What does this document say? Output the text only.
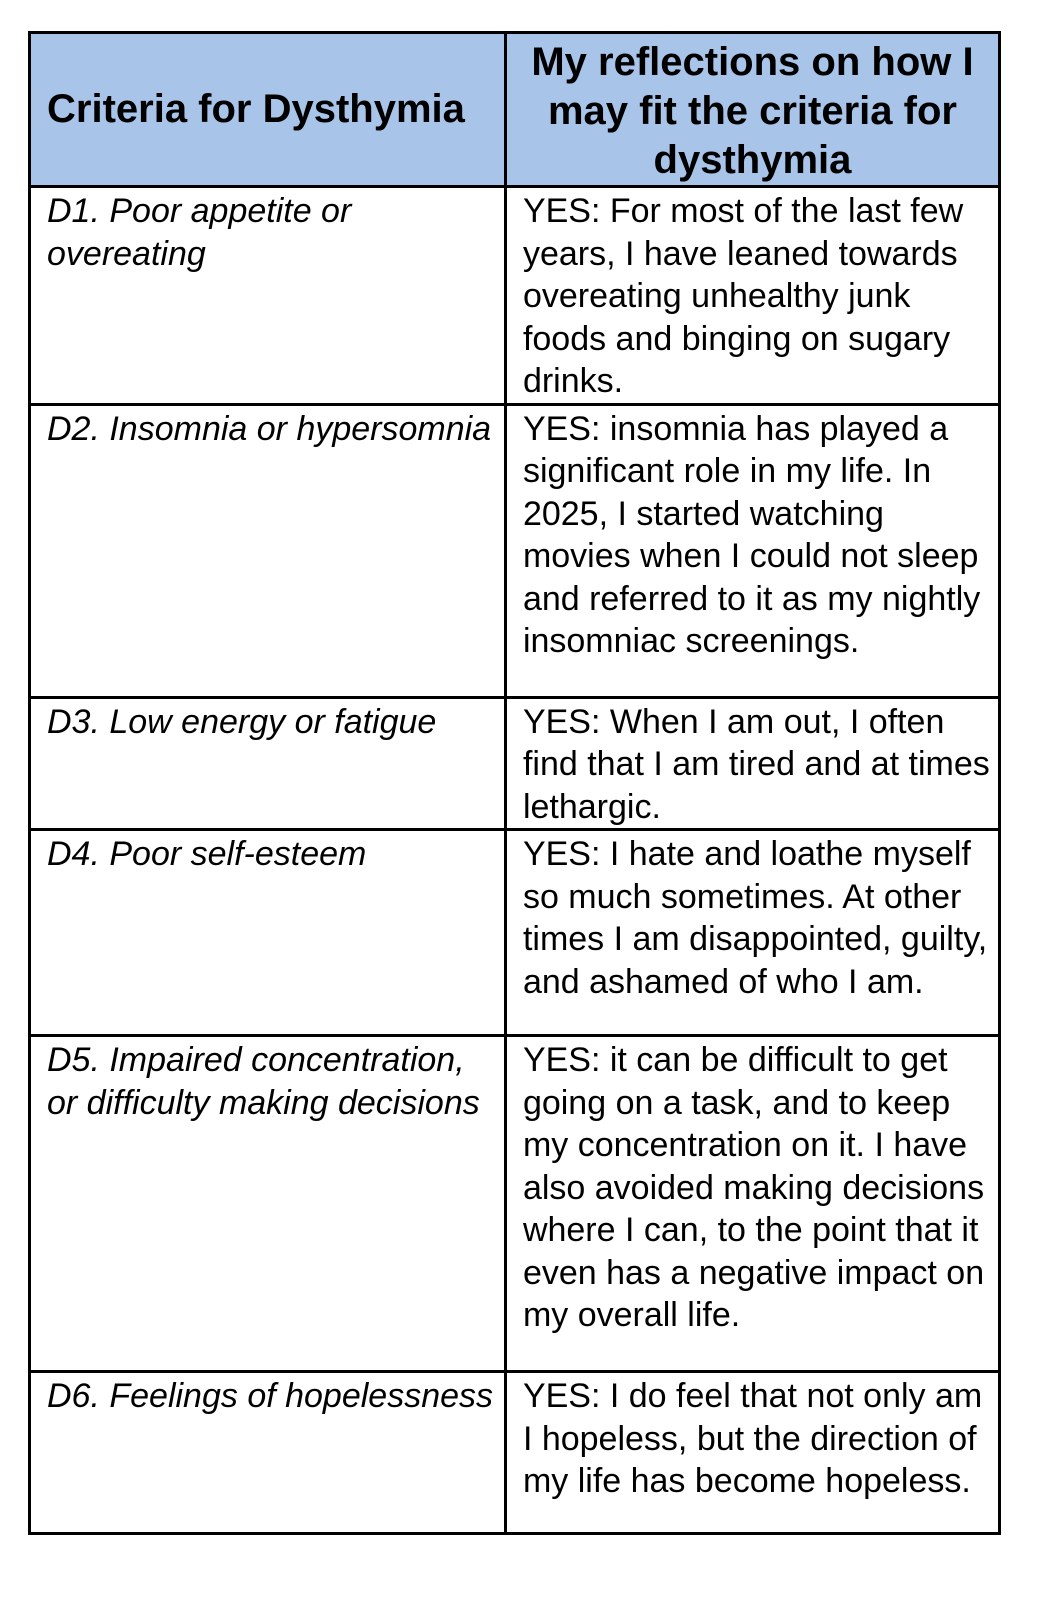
Criteria for Dysthymia	My reflections on how I may fit the criteria for dysthymia
D1. Poor appetite or overeating	YES: For most of the last few years, I have leaned towards overeating unhealthy junk foods and binging on sugary drinks.
D2. Insomnia or hypersomnia	YES: insomnia has played a significant role in my life. In 2025, I started watching movies when I could not sleep and referred to it as my nightly insomniac screenings.
D3. Low energy or fatigue	YES: When I am out, I often find that I am tired and at times lethargic.
D4. Poor self-esteem	YES: I hate and loathe myself so much sometimes. At other times I am disappointed, guilty, and ashamed of who I am.
D5. Impaired concentration, or difficulty making decisions	YES: it can be difficult to get going on a task, and to keep my concentration on it. I have also avoided making decisions where I can, to the point that it even has a negative impact on my overall life.
D6. Feelings of hopelessness	YES: I do feel that not only am I hopeless, but the direction of my life has become hopeless.
